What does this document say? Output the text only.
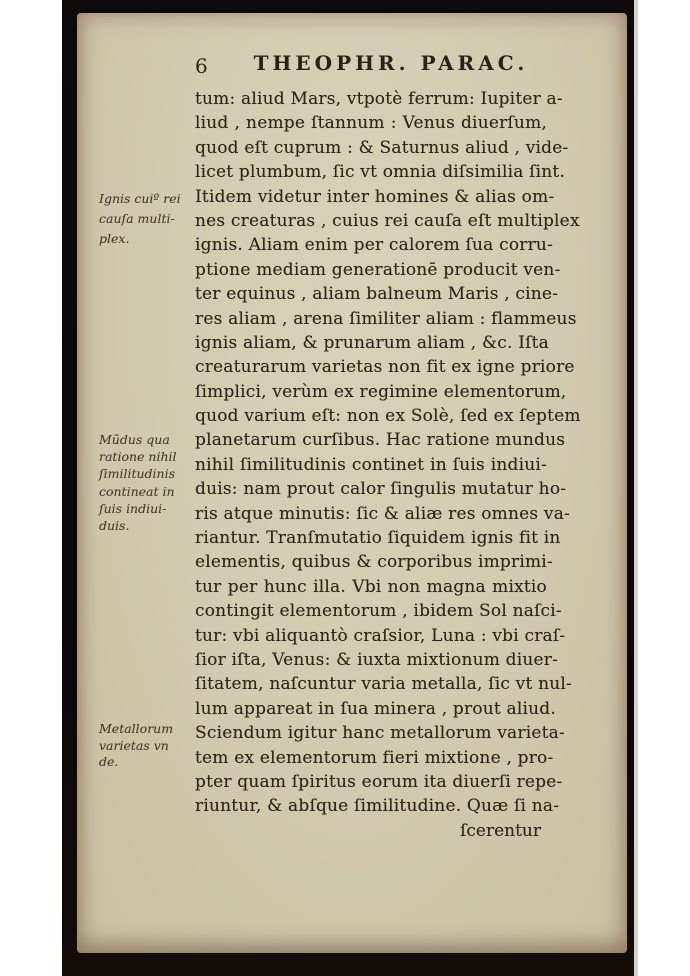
6	THEOPHR. PARAC.
Ignis cuiº rei
cauſa multi-
plex.
Mũdus qua
ratione nihil
ſimilitudinis
contineat in
ſuis indiui-
duis.
Metallorum
varietas vn
de.
tum: aliud Mars, vtpotè ferrum: Iupiter a-
liud , nempe ſtannum : Venus diuerſum,
quod eſt cuprum : & Saturnus aliud , vide-
licet plumbum, ſic vt omnia diſsimilia ſint.
Itidem videtur inter homines & alias om-
nes creaturas , cuius rei cauſa eſt multiplex
ignis. Aliam enim per calorem ſua corru-
ptione mediam generationē producit ven-
ter equinus , aliam balneum Maris , cine-
res aliam , arena ſimiliter aliam : flammeus
ignis aliam, & prunarum aliam , &c. Iſta
creaturarum varietas non fit ex igne priore
ſimplici, verùm ex regimine elementorum,
quod varium eſt: non ex Solè, ſed ex ſeptem
planetarum curſibus. Hac ratione mundus
nihil ſimilitudinis continet in ſuis indiui-
duis: nam prout calor ſingulis mutatur ho-
ris atque minutis: ſic & aliæ res omnes va-
riantur. Tranſmutatio ſiquidem ignis fit in
elementis, quibus & corporibus imprimi-
tur per hunc illa. Vbi non magna mixtio
contingit elementorum , ibidem Sol naſci-
tur: vbi aliquantò craſsior, Luna : vbi craſ-
ſior iſta, Venus: & iuxta mixtionum diuer-
ſitatem, naſcuntur varia metalla, ſic vt nul-
lum appareat in ſua minera , prout aliud.
Sciendum igitur hanc metallorum varieta-
tem ex elementorum fieri mixtione , pro-
pter quam ſpiritus eorum ita diuerſi repe-
riuntur, & abſque ſimilitudine. Quæ ſi na-
ſcerentur
